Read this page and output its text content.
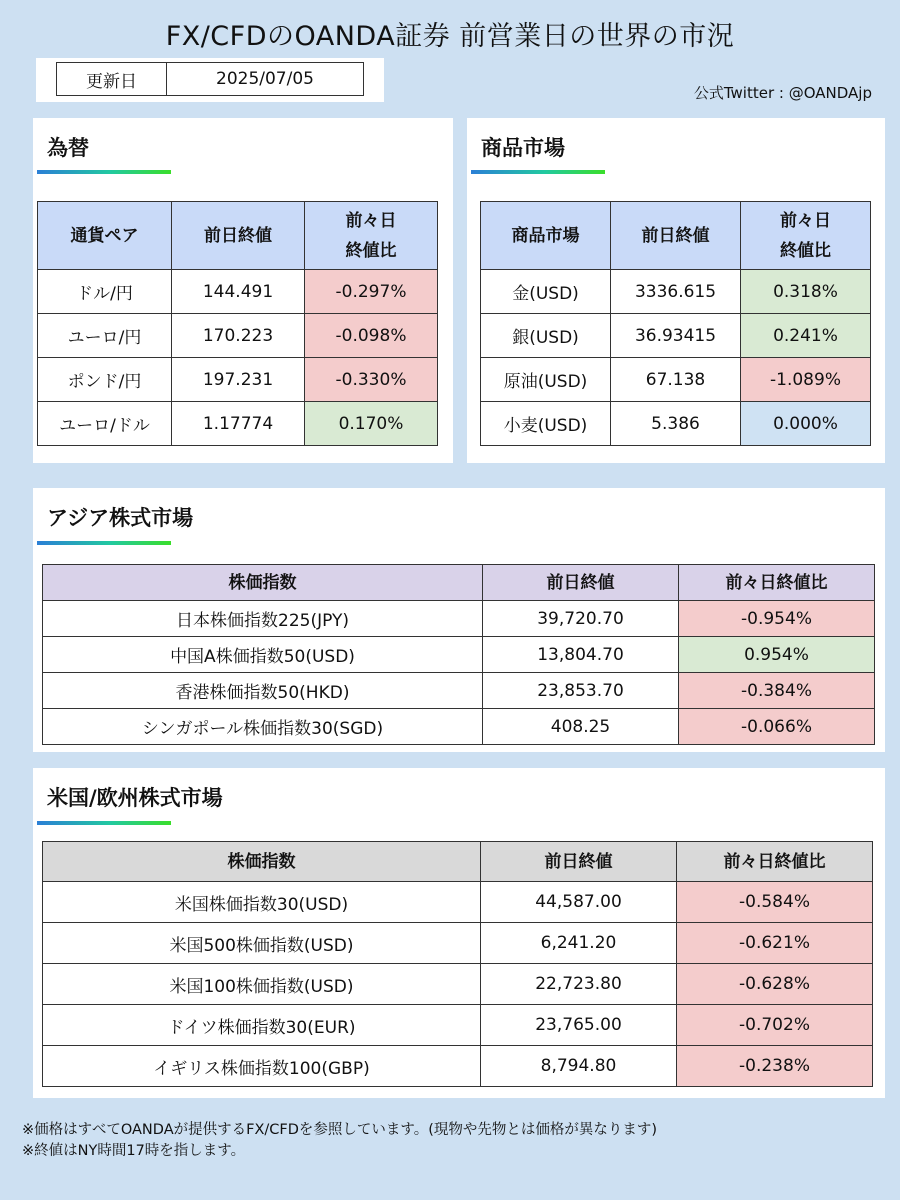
FX/CFDのOANDA証券 前営業日の世界の市況
更新日	2025/07/05
公式Twitter : @OANDAjp
為替
通貨ペア	前日終値	前々日
終値比
ドル/円	144.491	-0.297%
ユーロ/円	170.223	-0.098%
ポンド/円	197.231	-0.330%
ユーロ/ドル	1.17774	0.170%
商品市場
商品市場	前日終値	前々日
終値比
金(USD)	3336.615	0.318%
銀(USD)	36.93415	0.241%
原油(USD)	67.138	-1.089%
小麦(USD)	5.386	0.000%
アジア株式市場
株価指数	前日終値	前々日終値比
日本株価指数225(JPY)	39,720.70	-0.954%
中国A株価指数50(USD)	13,804.70	0.954%
香港株価指数50(HKD)	23,853.70	-0.384%
シンガポール株価指数30(SGD)	408.25	-0.066%
米国/欧州株式市場
株価指数	前日終値	前々日終値比
米国株価指数30(USD)	44,587.00	-0.584%
米国500株価指数(USD)	6,241.20	-0.621%
米国100株価指数(USD)	22,723.80	-0.628%
ドイツ株価指数30(EUR)	23,765.00	-0.702%
イギリス株価指数100(GBP)	8,794.80	-0.238%
※価格はすべてOANDAが提供するFX/CFDを参照しています。(現物や先物とは価格が異なります)
※終値はNY時間17時を指します。
